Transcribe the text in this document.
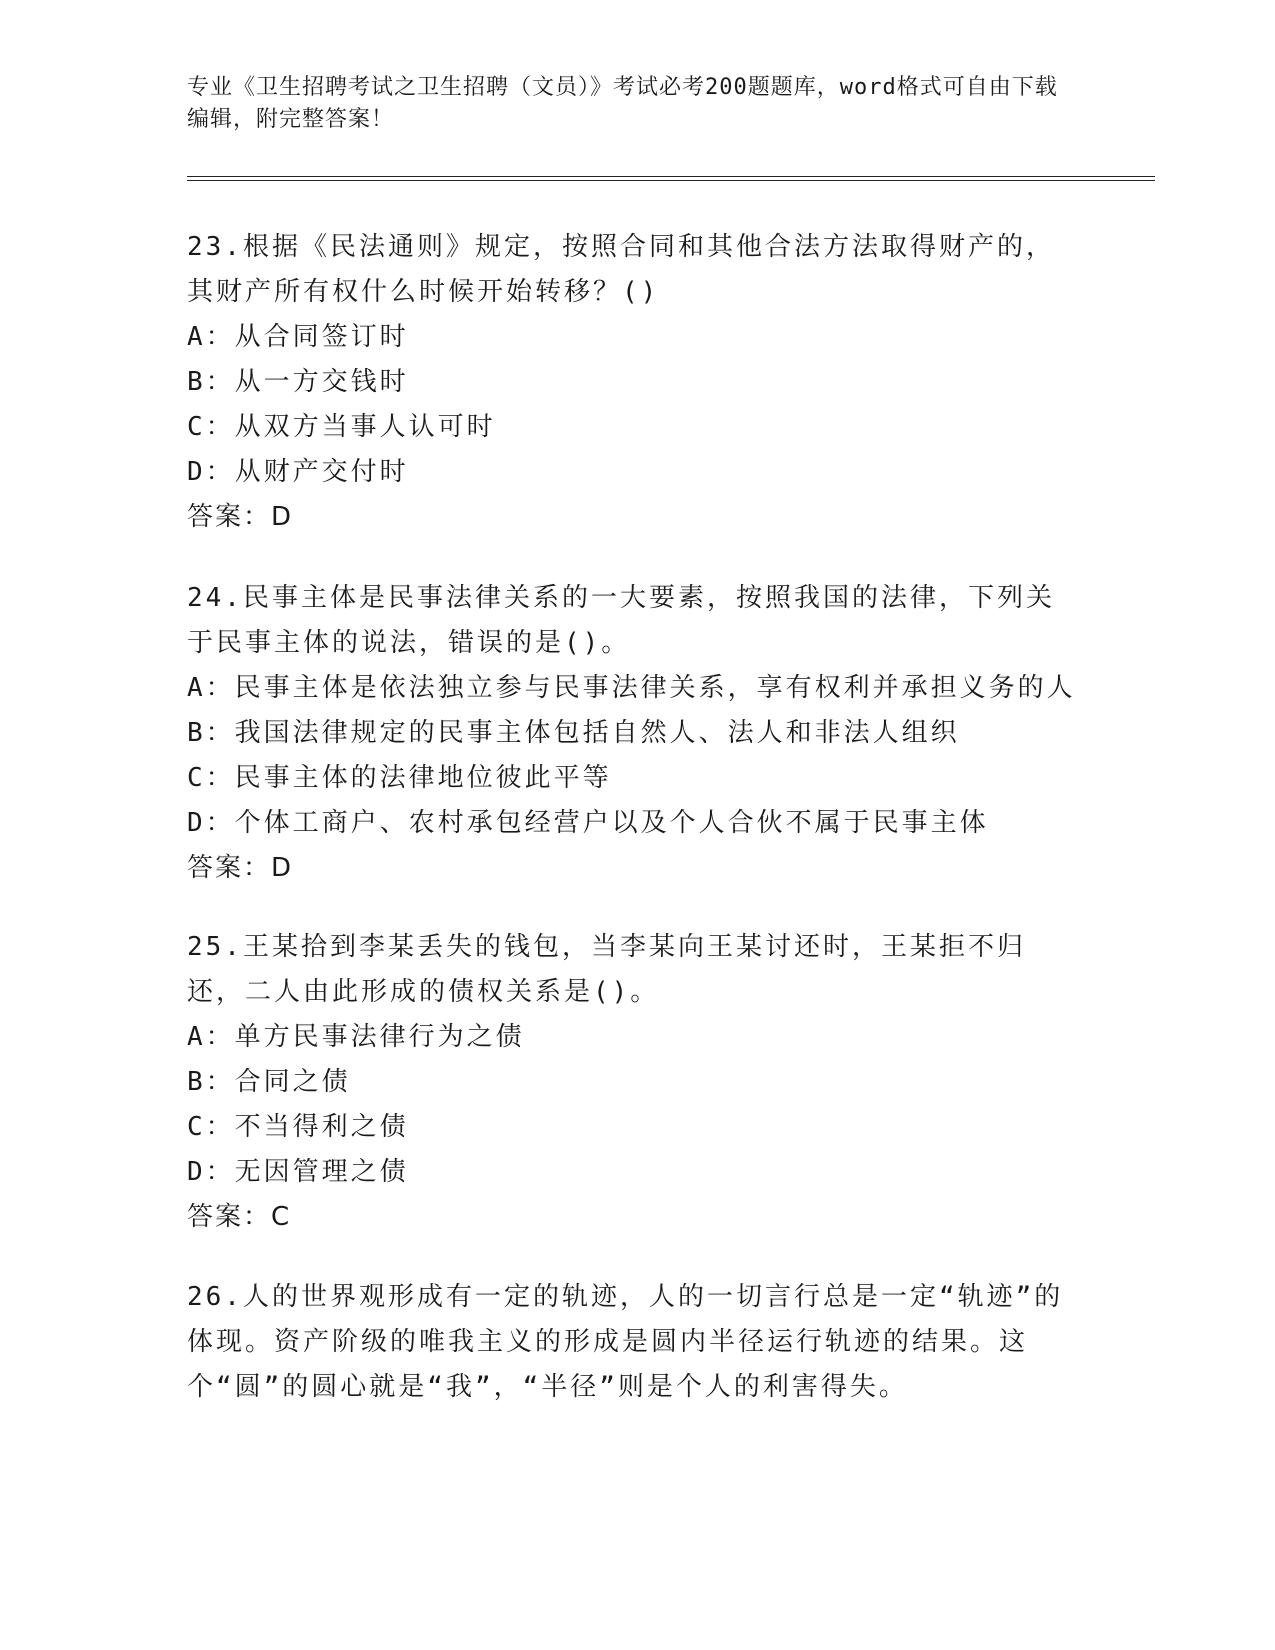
专业《卫生招聘考试之卫生招聘（文员）》考试必考200题题库，word格式可自由下载编辑，附完整答案！

23.根据《民法通则》规定，按照合同和其他合法方法取得财产的，其财产所有权什么时候开始转移？()

A：从合同签订时

B：从一方交钱时

C：从双方当事人认可时

D：从财产交付时

答案：D

24.民事主体是民事法律关系的一大要素，按照我国的法律，下列关于民事主体的说法，错误的是()。

A：民事主体是依法独立参与民事法律关系，享有权利并承担义务的人

B：我国法律规定的民事主体包括自然人、法人和非法人组织

C：民事主体的法律地位彼此平等

D：个体工商户、农村承包经营户以及个人合伙不属于民事主体

答案：D

25.王某拾到李某丢失的钱包，当李某向王某讨还时，王某拒不归还，二人由此形成的债权关系是()。

A：单方民事法律行为之债

B：合同之债

C：不当得利之债

D：无因管理之债

答案：C

26.人的世界观形成有一定的轨迹，人的一切言行总是一定“轨迹”的体现。资产阶级的唯我主义的形成是圆内半径运行轨迹的结果。这个“圆”的圆心就是“我”，“半径”则是个人的利害得失。
